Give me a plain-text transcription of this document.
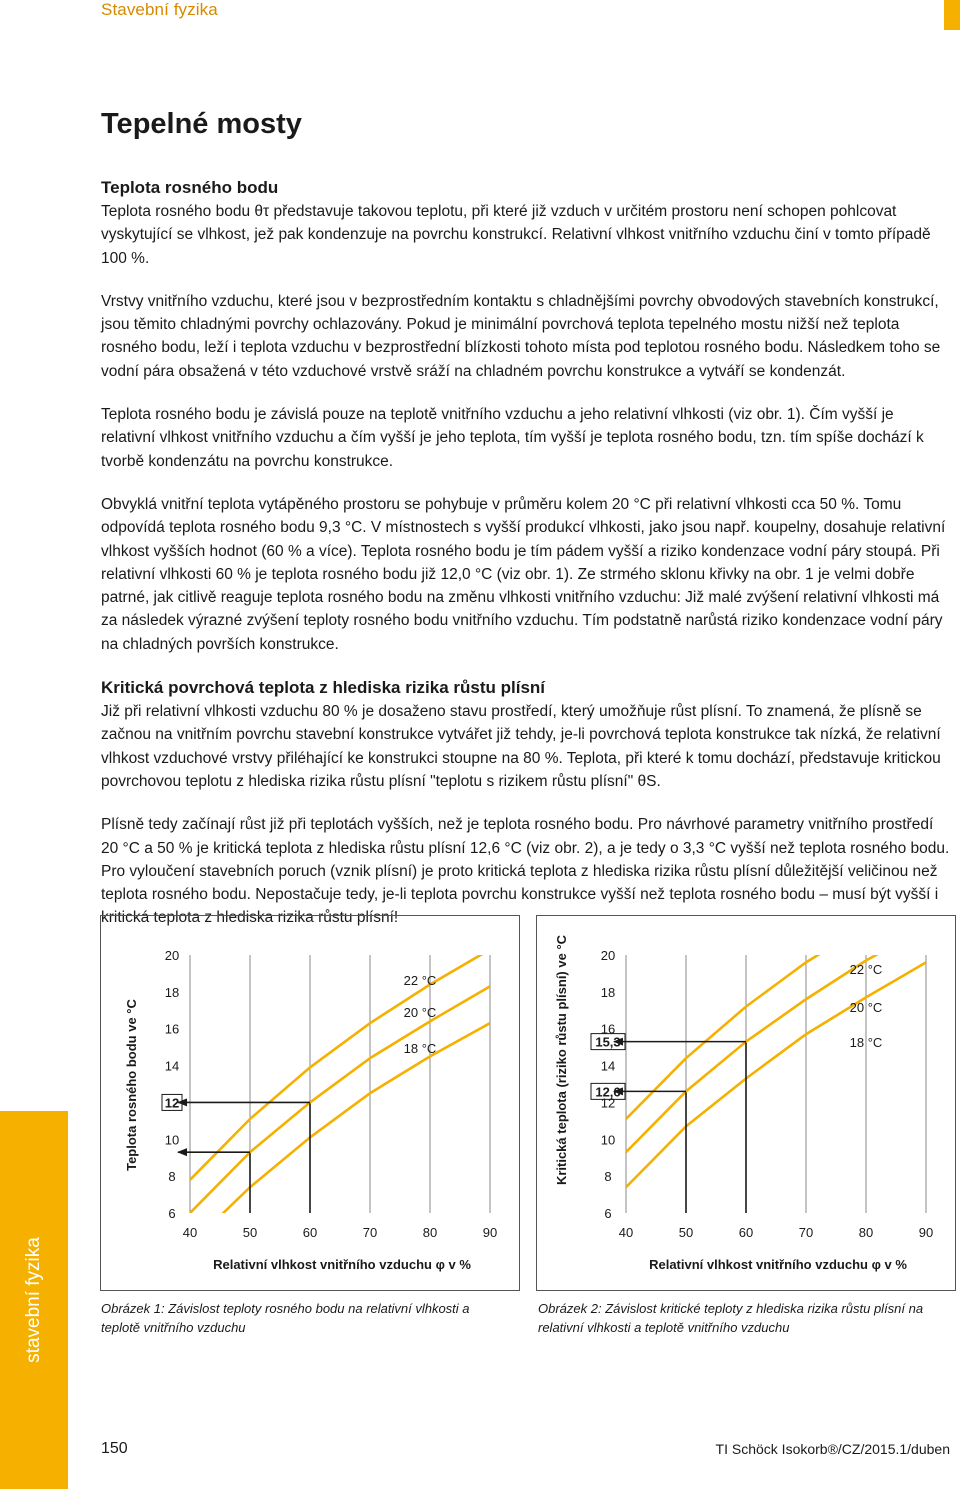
Stavební fyzika
stavební fyzika
Tepelné mosty
Teplota rosného bodu

Teplota rosného bodu θτ představuje takovou teplotu, při které již vzduch v určitém prostoru není schopen pohlcovat vyskytující se vlhkost, jež pak kondenzuje na povrchu konstrukcí. Relativní vlhkost vnitřního vzduchu činí v tomto případě 100 %.

Vrstvy vnitřního vzduchu, které jsou v bezprostředním kontaktu s chladnějšími povrchy obvodových stavebních konstrukcí, jsou těmito chladnými povrchy ochlazovány. Pokud je minimální povrchová teplota tepelného mostu nižší než teplota rosného bodu, leží i teplota vzduchu v bezprostřední blízkosti tohoto místa pod teplotou rosného bodu. Následkem toho se vodní pára obsažená v této vzduchové vrstvě sráží na chladném povrchu konstrukce a vytváří se kondenzát.

Teplota rosného bodu je závislá pouze na teplotě vnitřního vzduchu a jeho relativní vlhkosti (viz obr. 1). Čím vyšší je relativní vlhkost vnitřního vzduchu a čím vyšší je jeho teplota, tím vyšší je teplota rosného bodu, tzn. tím spíše dochází k tvorbě kondenzátu na povrchu konstrukce.

Obvyklá vnitřní teplota vytápěného prostoru se pohybuje v průměru kolem 20 °C při relativní vlhkosti cca 50 %. Tomu odpovídá teplota rosného bodu 9,3 °C. V místnostech s vyšší produkcí vlhkosti, jako jsou např. koupelny, dosahuje relativní vlhkost vyšších hodnot (60 % a více). Teplota rosného bodu je tím pádem vyšší a riziko kondenzace vodní páry stoupá. Při relativní vlhkosti 60 % je teplota rosného bodu již 12,0 °C (viz obr. 1). Ze strmého sklonu křivky na obr. 1 je velmi dobře patrné, jak citlivě reaguje teplota rosného bodu na změnu vlhkosti vnitřního vzduchu: Již malé zvýšení relativní vlhkosti má za následek výrazné zvýšení teploty rosného bodu vnitřního vzduchu. Tím podstatně narůstá riziko kondenzace vodní páry na chladných površích konstrukce.

Kritická povrchová teplota z hlediska rizika růstu plísní

Již při relativní vlhkosti vzduchu 80 % je dosaženo stavu prostředí, který umožňuje růst plísní. To znamená, že plísně se začnou na vnitřním povrchu stavební konstrukce vytvářet již tehdy, je-li povrchová teplota konstrukce tak nízká, že relativní vlhkost vzduchové vrstvy přiléhající ke konstrukci stoupne na 80 %. Teplota, při které k tomu dochází, představuje kritickou povrchovou teplotu z hlediska rizika růstu plísní "teplotu s rizikem růstu plísní" θS.

Plísně tedy začínají růst již při teplotách vyšších, než je teplota rosného bodu. Pro návrhové parametry vnitřního prostředí 20 °C a 50 % je kritická teplota z hlediska růstu plísní 12,6 °C (viz obr. 2), a je tedy o 3,3 °C vyšší než teplota rosného bodu. Pro vyloučení stavebních poruch (vznik plísní) je proto kritická teplota z hlediska rizika růstu plísní důležitější veličinou než teplota rosného bodu. Nepostačuje tedy, je-li teplota povrchu konstrukce vyšší než teplota rosného bodu – musí být vyšší i kritická teplota z hlediska rizika růstu plísní!

20
18
16
14
12
10
8
6
40	50	60	70	80	90
22 °C
20 °C
18 °C
Relativní vlhkost vnitřního vzduchu φ v %
Teplota rosného bodu ve °C
20
18
16
15,3
14
12,6
12
10
8
6
40	50	60	70	80	90
22 °C
20 °C
18 °C
Relativní vlhkost vnitřního vzduchu φ v %
Kritická teplota (riziko růstu plísní) ve °C
Obrázek 1: Závislost teploty rosného bodu na relativní vlhkosti a teplotě vnitřního vzduchu
Obrázek 2: Závislost kritické teploty z hlediska rizika růstu plísní na relativní vlhkosti a teplotě vnitřního vzduchu
150	TI Schöck Isokorb®/CZ/2015.1/duben
